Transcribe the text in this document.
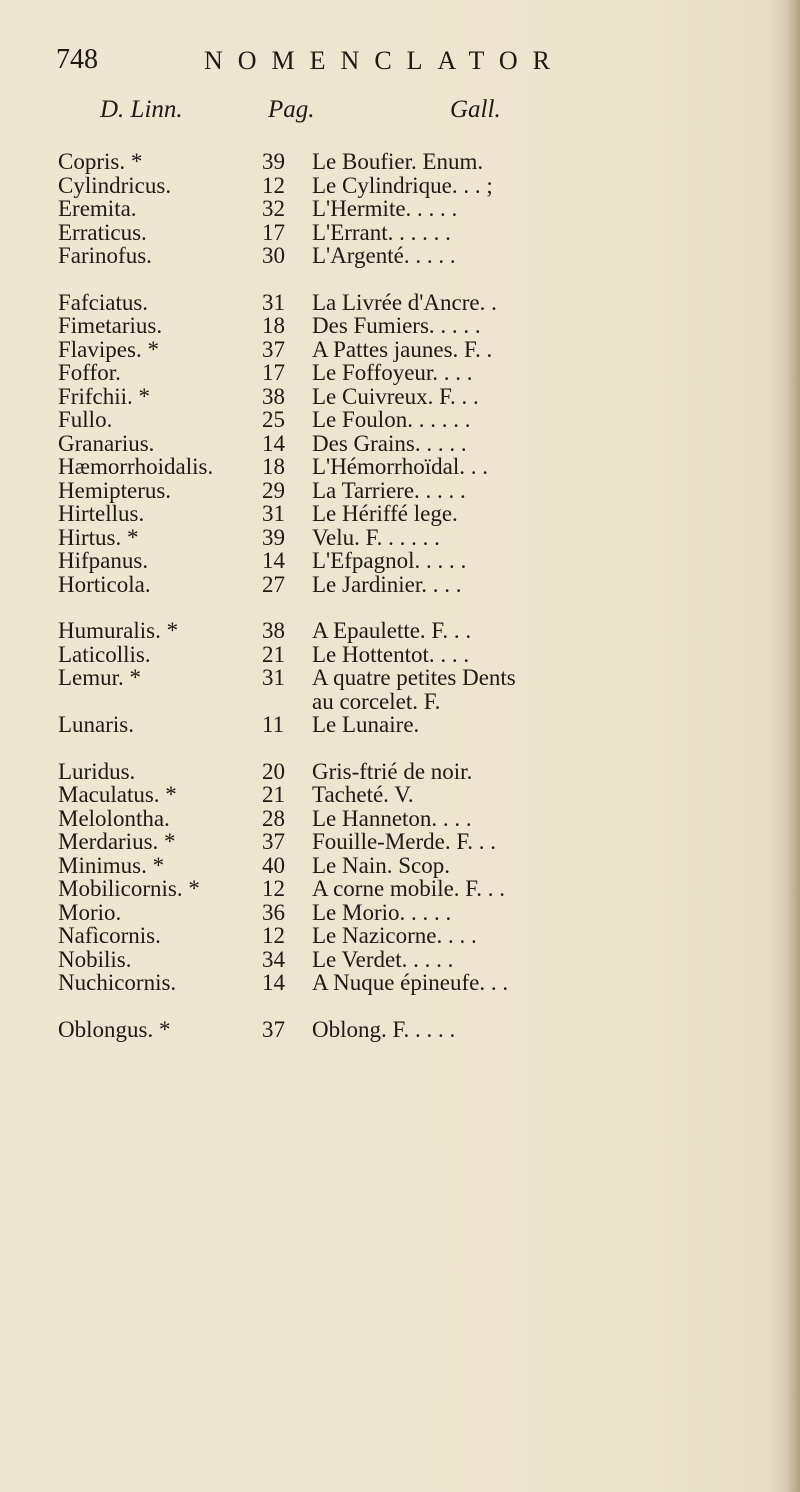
748	NOMENCLATOR
D. Linn.	Pag.	Gall.
Copris. *	39	Le Boufier. Enum.
Cylindricus.	12	Le Cylindrique. . . ;
Eremita.	32	L'Hermite. . . . .
Erraticus.	17	L'Errant. . . . . .
Farinofus.	30	L'Argenté. . . . .
Fafciatus.	31	La Livrée d'Ancre. .
Fimetarius.	18	Des Fumiers. . . . .
Flavipes. *	37	A Pattes jaunes. F. .
Foffor.	17	Le Foffoyeur. . . .
Frifchii. *	38	Le Cuivreux. F. . .
Fullo.	25	Le Foulon. . . . . .
Granarius.	14	Des Grains. . . . .
Hæmorrhoidalis. 18	L'Hémorrhoïdal. . .
Hemipterus.	29	La Tarriere. . . . .
Hirtellus.	31	Le Hériffé lege.
Hirtus. *	39	Velu. F. . . . . .
Hifpanus.	14	L'Efpagnol. . . . .
Horticola.	27	Le Jardinier. . . .
Humuralis. *	38	A Epaulette. F. . .
Laticollis.	21	Le Hottentot. . . .
Lemur. *	31	A quatre petites Dents
au corcelet. F.
Lunaris.	11	Le Lunaire.
Luridus.	20	Gris-ftrié de noir.
Maculatus. *	21	Tacheté. V.
Melolontha.	28	Le Hanneton. . . .
Merdarius. *	37	Fouille-Merde. F. . .
Minimus. *	40	Le Nain. Scop.
Mobilicornis. *	12	A corne mobile. F. . .
Morio.	36	Le Morio. . . . .
Nafìcornis.	12	Le Nazicorne. . . .
Nobilis.	34	Le Verdet. . . . .
Nuchicornis.	14	A Nuque épineufe. . .
Oblongus. *	37	Oblong. F. . . . .
